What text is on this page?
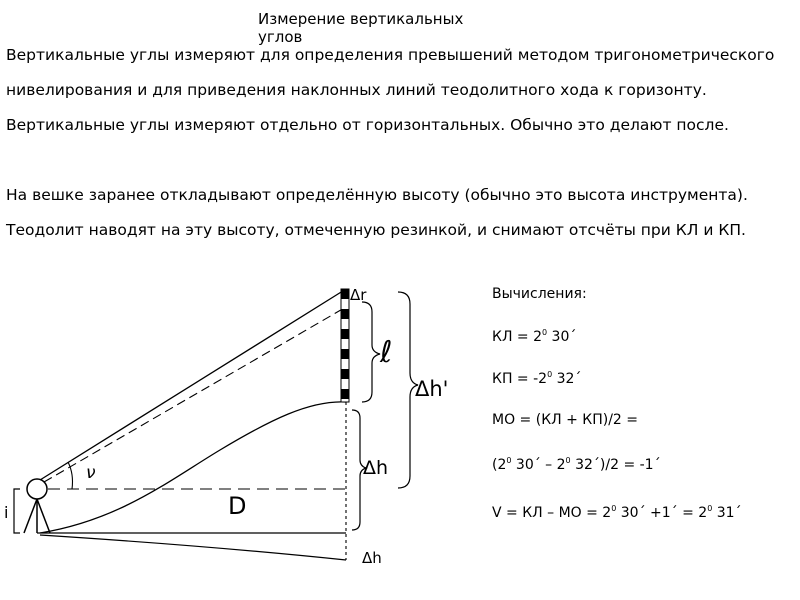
Измерение вертикальных углов

Вертикальные углы измеряют для определения превышений методом тригонометрического нивелирования и для приведения наклонных линий теодолитного хода к горизонту. Вертикальные углы измеряют отдельно от горизонтальных. Обычно это делают после.

На вешке заранее откладывают определённую высоту (обычно это высота инструмента). Теодолит наводят на эту высоту, отмеченную резинкой, и снимают отсчёты при КЛ и КП.

Δr
ℓ
Δh'
Δh
D
ν
i
Δh
Вычисления:
КЛ = $2^0$ 30´
КП = $-2^0$ 32´
МО = (КЛ + КП)/2 =
($2^0$ 30´ – $2^0$ 32´)/2 = -1´
V = КЛ – МО = $2^0$ 30´ +1´ = $2^0$ 31´
